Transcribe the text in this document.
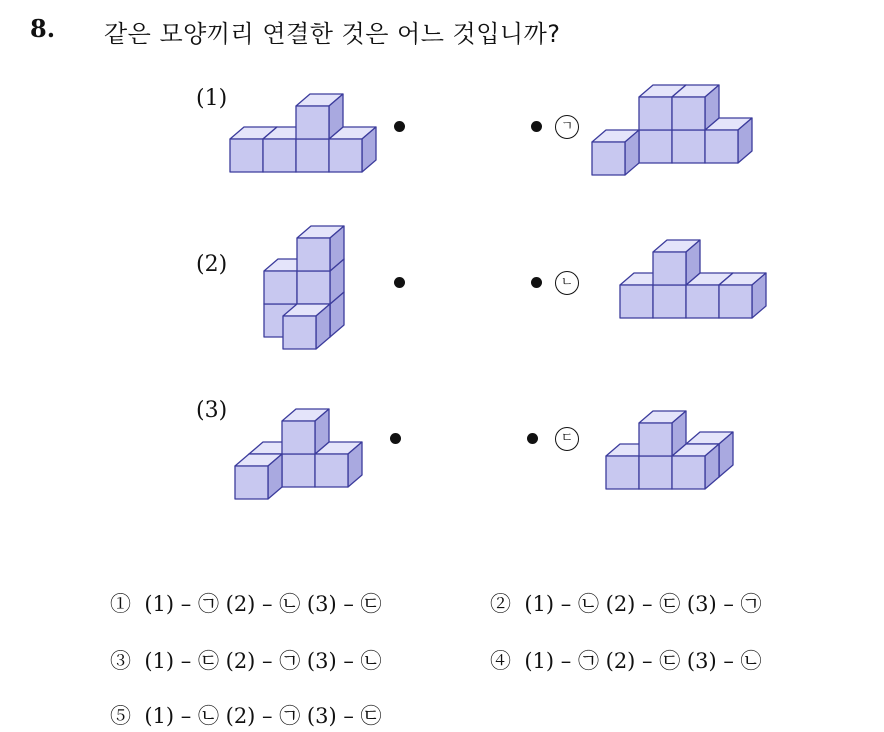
8. 같은 모양끼리 연결한 것은 어느 것입니까?
(1)
(2)
(3)
ㄱ
ㄴ
ㄷ
① (1) – ㉠ (2) – ㉡ (3) – ㉢	② (1) – ㉡ (2) – ㉢ (3) – ㉠
③ (1) – ㉢ (2) – ㉠ (3) – ㉡	④ (1) – ㉠ (2) – ㉢ (3) – ㉡
⑤ (1) – ㉡ (2) – ㉠ (3) – ㉢
